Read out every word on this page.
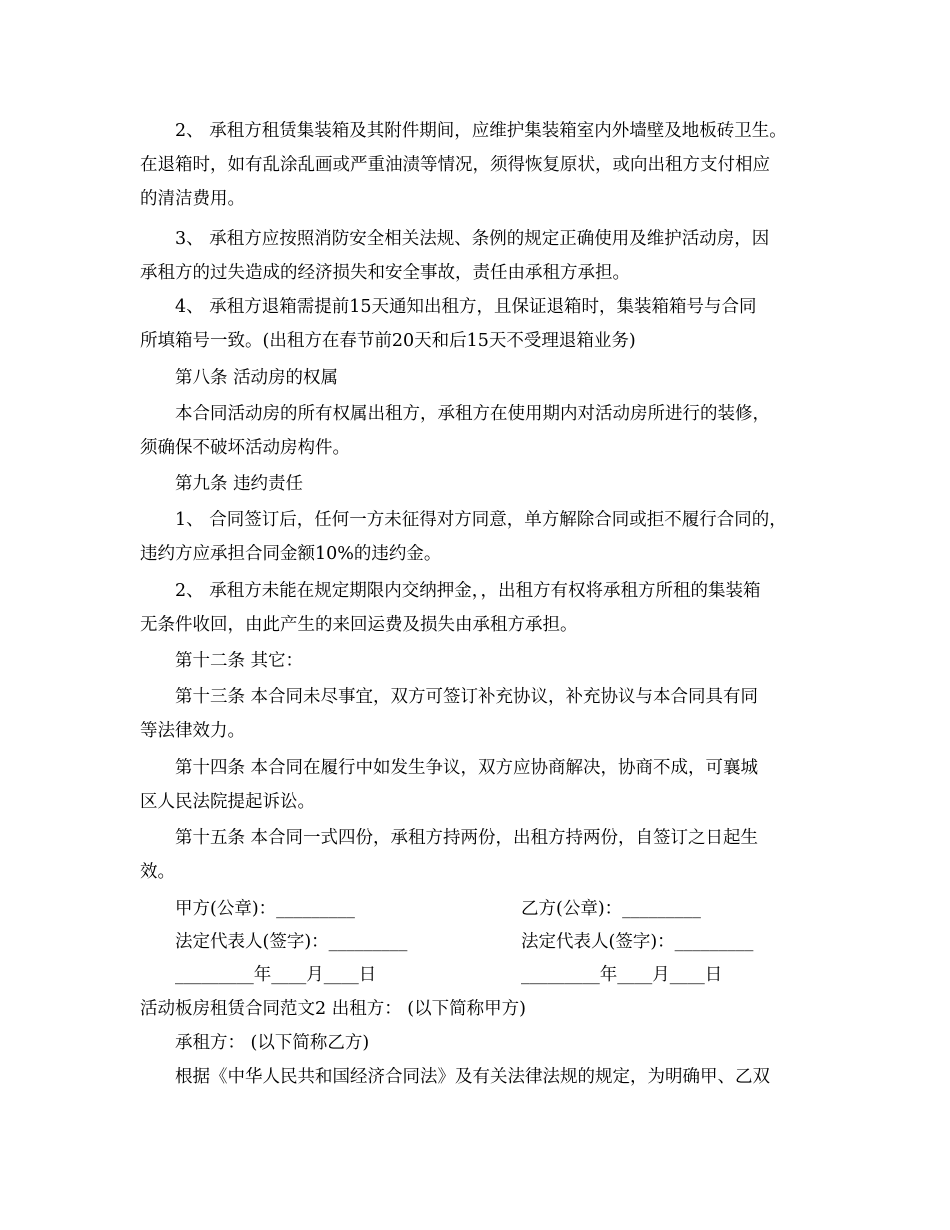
2、 承租方租赁集装箱及其附件期间，应维护集装箱室内外墙壁及地板砖卫生。
在退箱时，如有乱涂乱画或严重油渍等情况，须得恢复原状，或向出租方支付相应
的清洁费用。
3、 承租方应按照消防安全相关法规、条例的规定正确使用及维护活动房，因
承租方的过失造成的经济损失和安全事故，责任由承租方承担。
4、 承租方退箱需提前15天通知出租方，且保证退箱时，集装箱箱号与合同
所填箱号一致。(出租方在春节前20天和后15天不受理退箱业务)
第八条 活动房的权属
本合同活动房的所有权属出租方，承租方在使用期内对活动房所进行的装修，
须确保不破坏活动房构件。
第九条 违约责任
1、 合同签订后，任何一方未征得对方同意，单方解除合同或拒不履行合同的，
违约方应承担合同金额10%的违约金。
2、 承租方未能在规定期限内交纳押金，，出租方有权将承租方所租的集装箱
无条件收回，由此产生的来回运费及损失由承租方承担。
第十二条 其它：
第十三条 本合同未尽事宜，双方可签订补充协议，补充协议与本合同具有同
等法律效力。
第十四条 本合同在履行中如发生争议，双方应协商解决，协商不成，可襄城
区人民法院提起诉讼。
第十五条 本合同一式四份，承租方持两份，出租方持两份，自签订之日起生
效。
甲方(公章)：_________	乙方(公章)：_________
法定代表人(签字)：_________	法定代表人(签字)：_________
_________年____月____日	_________年____月____日
活动板房租赁合同范文2 出租方： (以下简称甲方)
承租方： (以下简称乙方)
根据《中华人民共和国经济合同法》及有关法律法规的规定，为明确甲、乙双
